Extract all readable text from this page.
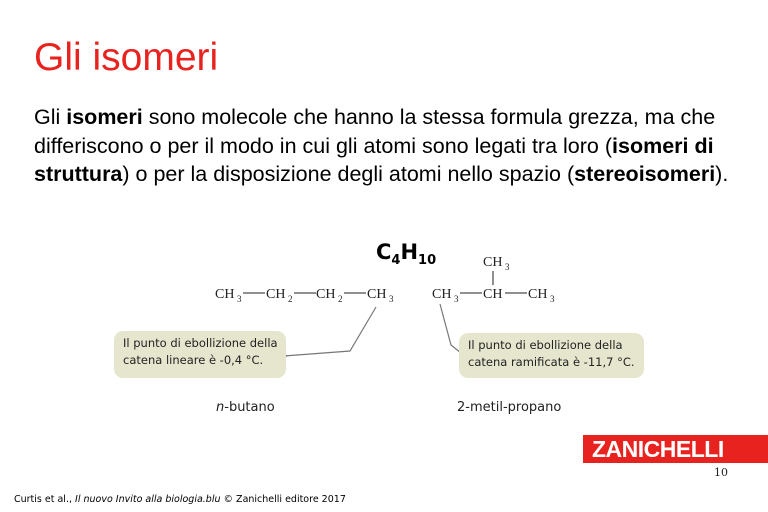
Gli isomeri
Gli isomeri sono molecole che hanno la stessa formula grezza, ma che differiscono o per il modo in cui gli atomi sono legati tra loro (isomeri di struttura) o per la disposizione degli atomi nello spazio (stereoisomeri).
$C_4H_{10}$
CH 3 CH 2 CH 2 CH 3
CH 3
CH 3 CH CH 3
Il punto di ebollizione della catena lineare è -0,4 °C.
Il punto di ebollizione della catena ramificata è -11,7 °C.
n-butano	2-metil-propano
ZANICHELLI
10
Curtis et al., Il nuovo Invito alla biologia.blu © Zanichelli editore 2017
